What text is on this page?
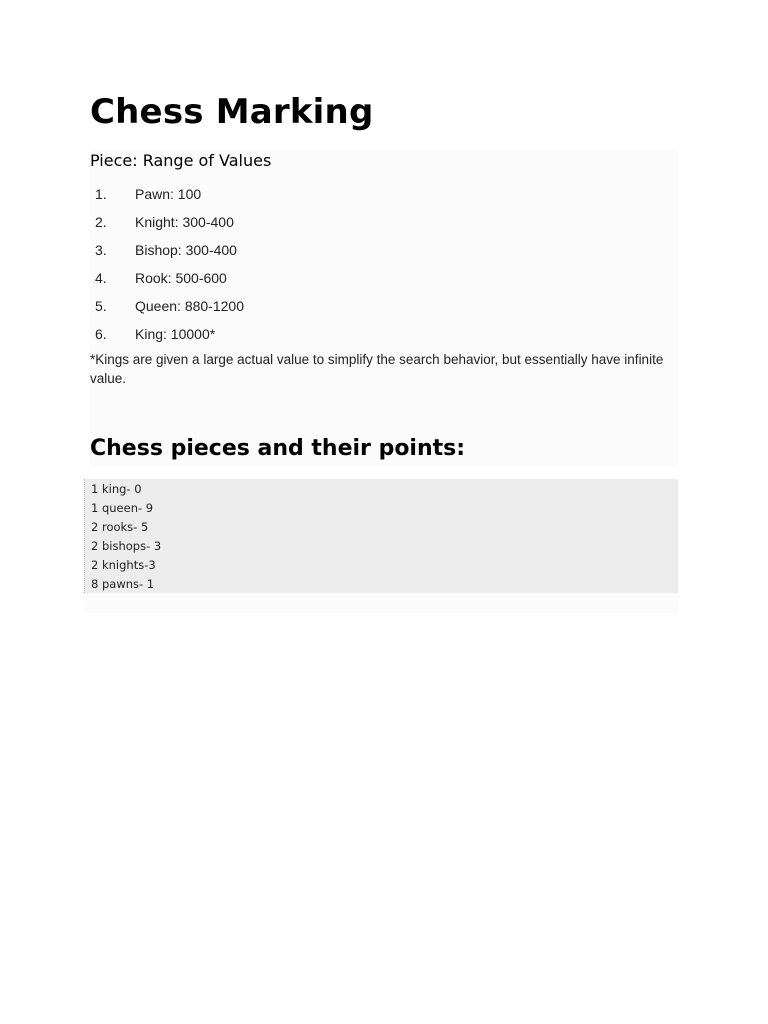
Chess Marking
Piece: Range of Values
1. Pawn: 100
2. Knight: 300-400
3. Bishop: 300-400
4. Rook: 500-600
5. Queen: 880-1200
6. King: 10000*

*Kings are given a large actual value to simplify the search behavior, but essentially have infinite value.

Chess pieces and their points:
1 king- 0
1 queen- 9
2 rooks- 5
2 bishops- 3
2 knights-3
8 pawns- 1
